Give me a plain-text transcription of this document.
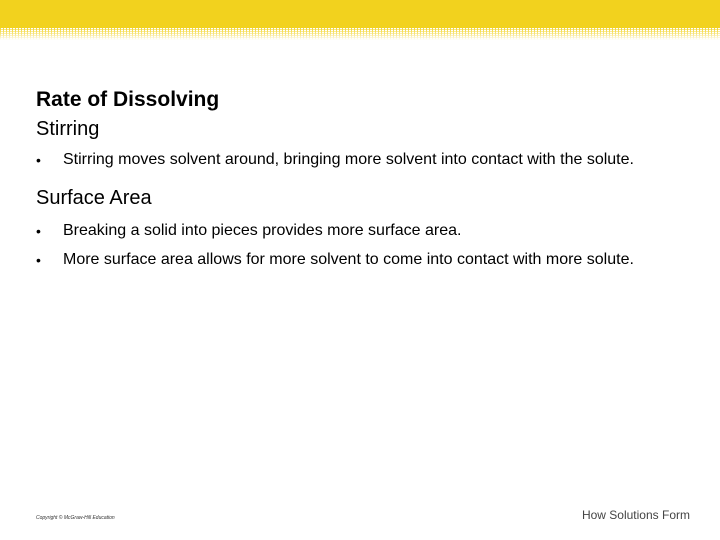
Rate of Dissolving
Stirring
• Stirring moves solvent around, bringing more solvent into contact with the solute.
Surface Area
• Breaking a solid into pieces provides more surface area.
• More surface area allows for more solvent to come into contact with more solute.
Copyright © McGraw-Hill Education	How Solutions Form
